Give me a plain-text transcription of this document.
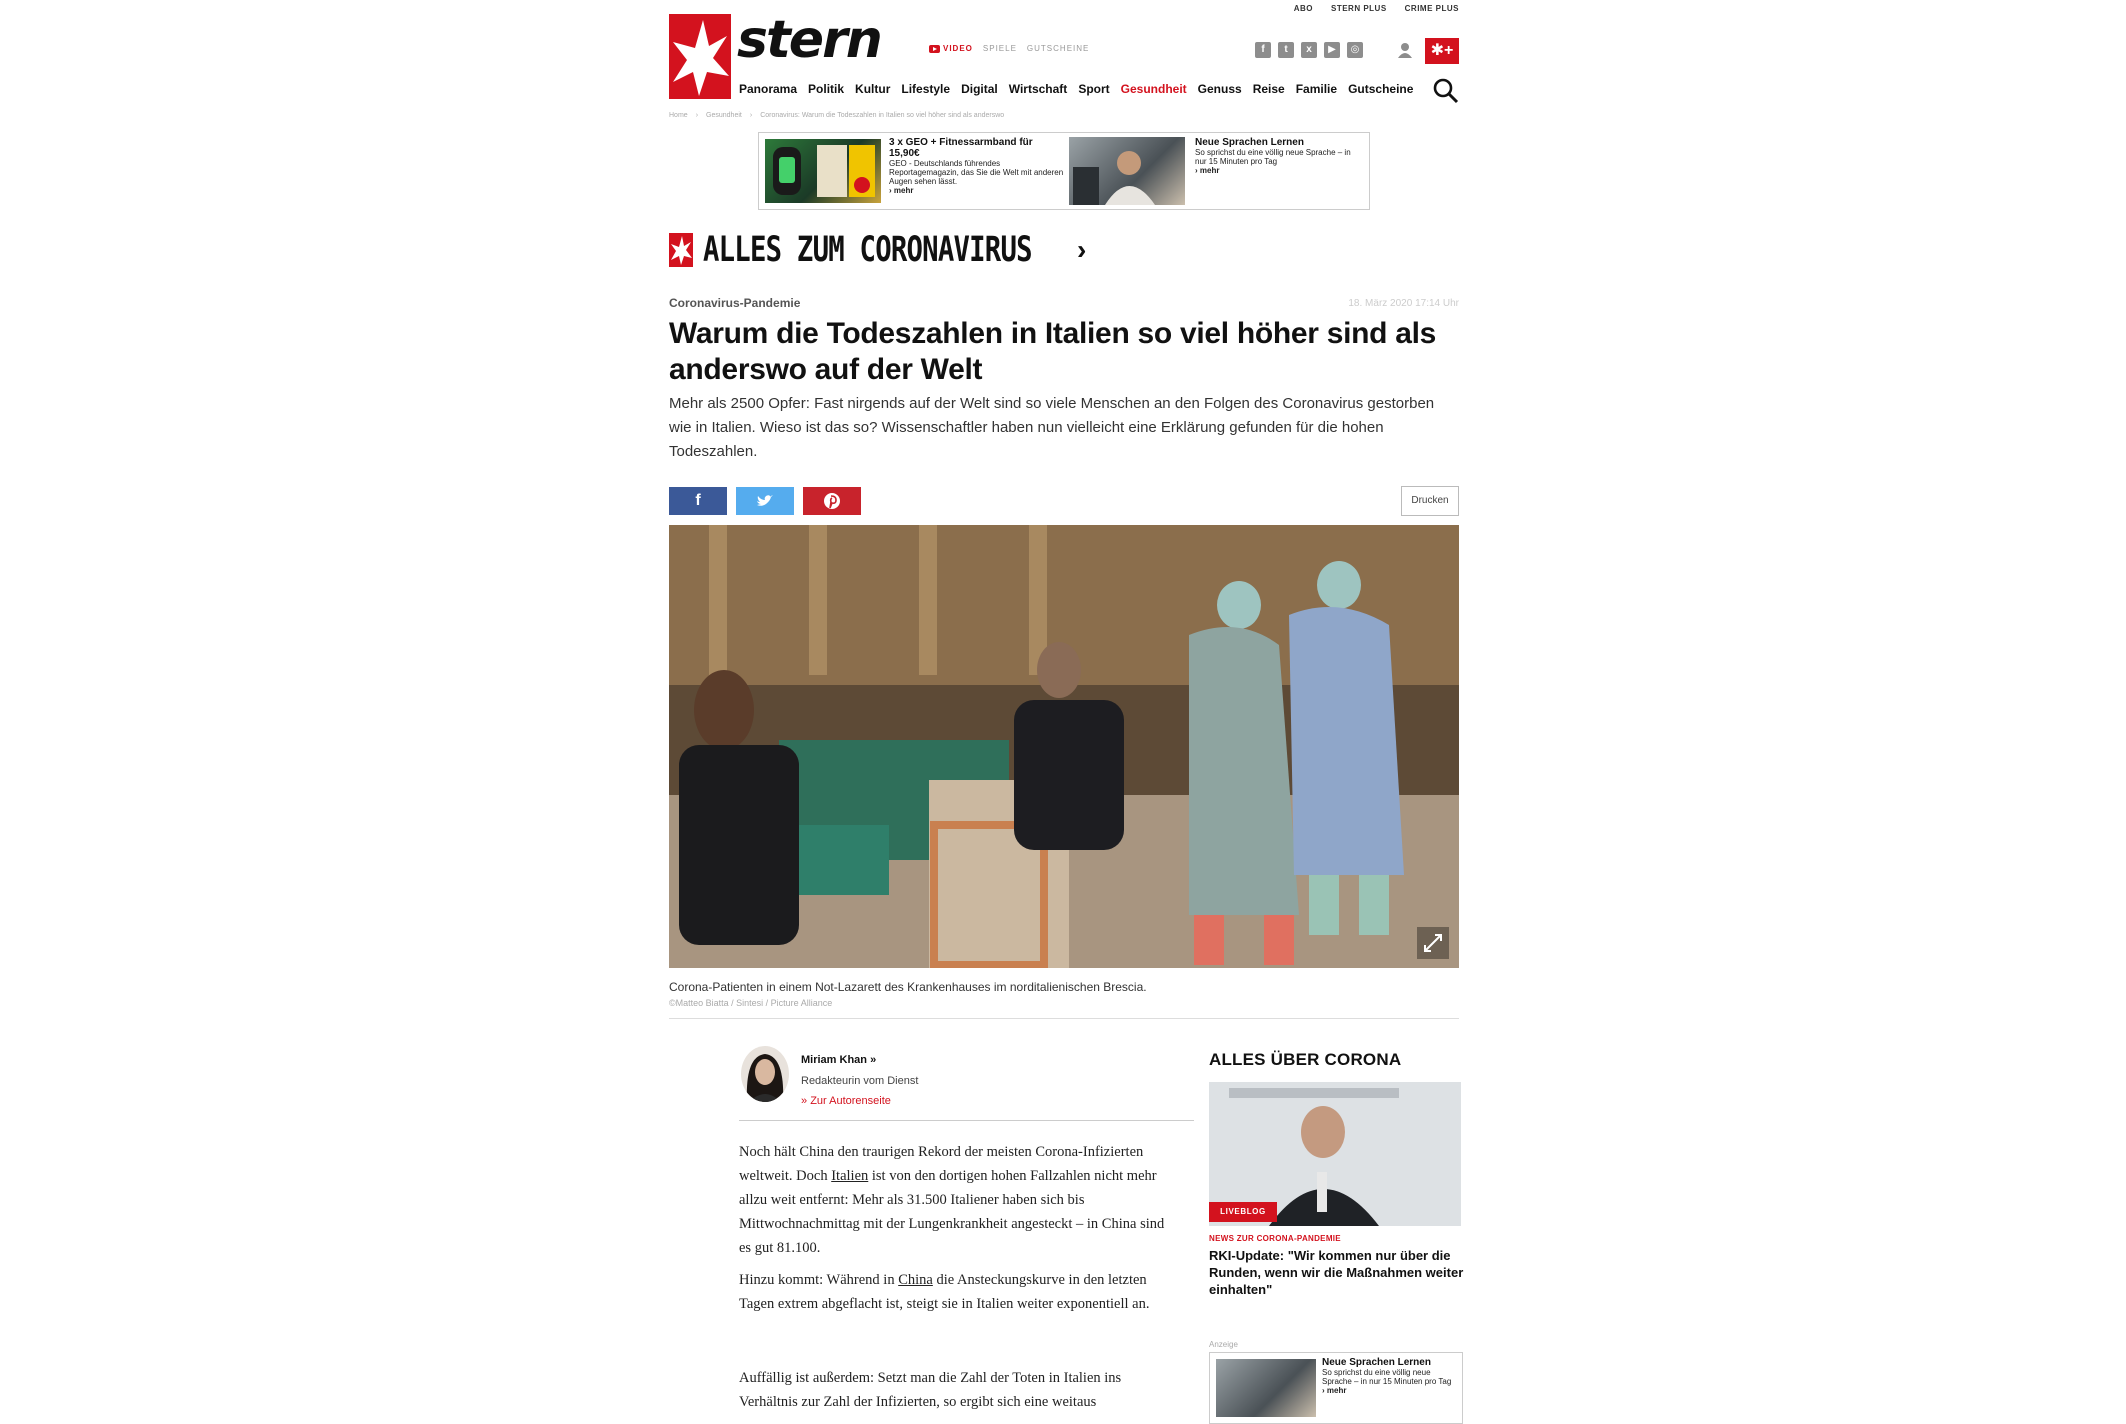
ABO STERN PLUS CRIME PLUS
stern	VIDEO SPIELE GUTSCHEINE	f	t	x	▶	◎	✱+
Panorama Politik Kultur Lifestyle Digital Wirtschaft Sport Gesundheit Genuss Reise Familie Gutscheine
Home › Gesundheit › Coronavirus: Warum die Todeszahlen in Italien so viel höher sind als anderswo
3 x GEO + Fitnessarmband für 15,90€
GEO - Deutschlands führendes Reportagemagazin, das Sie die Welt mit anderen Augen sehen lässt.
› mehr
Neue Sprachen Lernen
So sprichst du eine völlig neue Sprache – in nur 15 Minuten pro Tag
› mehr
ALLES ZUM CORONAVIRUS	›
Coronavirus-Pandemie	18. März 2020 17:14 Uhr
Warum die Todeszahlen in Italien so viel höher sind als anderswo auf der Welt
Mehr als 2500 Opfer: Fast nirgends auf der Welt sind so viele Menschen an den Folgen des Coronavirus gestorben wie in Italien. Wieso ist das so? Wissenschaftler haben nun vielleicht eine Erklärung gefunden für die hohen Todeszahlen.
f	Drucken
Corona-Patienten in einem Not-Lazarett des Krankenhauses im norditalienischen Brescia.
©Matteo Biatta / Sintesi / Picture Alliance
Miriam Khan »
Redakteurin vom Dienst
» Zur Autorenseite
Noch hält China den traurigen Rekord der meisten Corona-Infizierten weltweit. Doch Italien ist von den dortigen hohen Fallzahlen nicht mehr allzu weit entfernt: Mehr als 31.500 Italiener haben sich bis Mittwochnachmittag mit der Lungenkrankheit angesteckt – in China sind es gut 81.100.
Hinzu kommt: Während in China die Ansteckungskurve in den letzten Tagen extrem abgeflacht ist, steigt sie in Italien weiter exponentiell an.
Auffällig ist außerdem: Setzt man die Zahl der Toten in Italien ins Verhältnis zur Zahl der Infizierten, so ergibt sich eine weitaus
ALLES ÜBER CORONA
LIVEBLOG
NEWS ZUR CORONA-PANDEMIE
RKI-Update: "Wir kommen nur über die Runden, wenn wir die Maßnahmen weiter einhalten"
Anzeige
Neue Sprachen Lernen
So sprichst du eine völlig neue Sprache – in nur 15 Minuten pro Tag
› mehr
